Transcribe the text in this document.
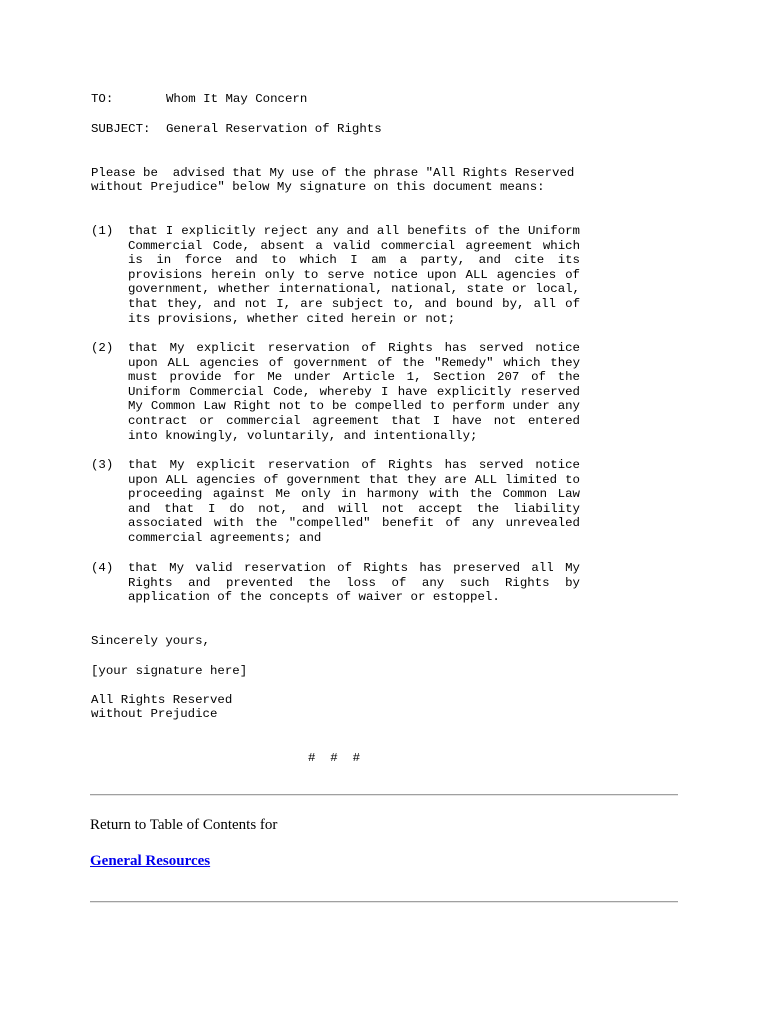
TO:	Whom It May Concern
SUBJECT: General Reservation of Rights
Please be  advised that My use of the phrase "All Rights Reserved
without Prejudice" below My signature on this document means:
(1) that I explicitly reject any and all benefits of the Uniform Commercial Code, absent a valid commercial agreement which is in force and to which I am a party, and cite its provisions herein only to serve notice upon ALL agencies of government, whether international, national, state or local, that they, and not I, are subject to, and bound by, all of its provisions, whether cited herein or not;
(2) that My explicit reservation of Rights has served notice upon ALL agencies of government of the "Remedy" which they must provide for Me under Article 1, Section 207 of the Uniform Commercial Code, whereby I have explicitly reserved My Common Law Right not to be compelled to perform under any contract or commercial agreement that I have not entered into knowingly, voluntarily, and intentionally;
(3) that My explicit reservation of Rights has served notice upon ALL agencies of government that they are ALL limited to proceeding against Me only in harmony with the Common Law and that I do not, and will not accept the liability associated with the "compelled" benefit of any unrevealed commercial agreements; and
(4) that My valid reservation of Rights has preserved all My Rights and prevented the loss of any such Rights by application of the concepts of waiver or estoppel.
Sincerely yours,
[your signature here]
All Rights Reserved
without Prejudice
#  #  #
Return to Table of Contents for
General Resources
